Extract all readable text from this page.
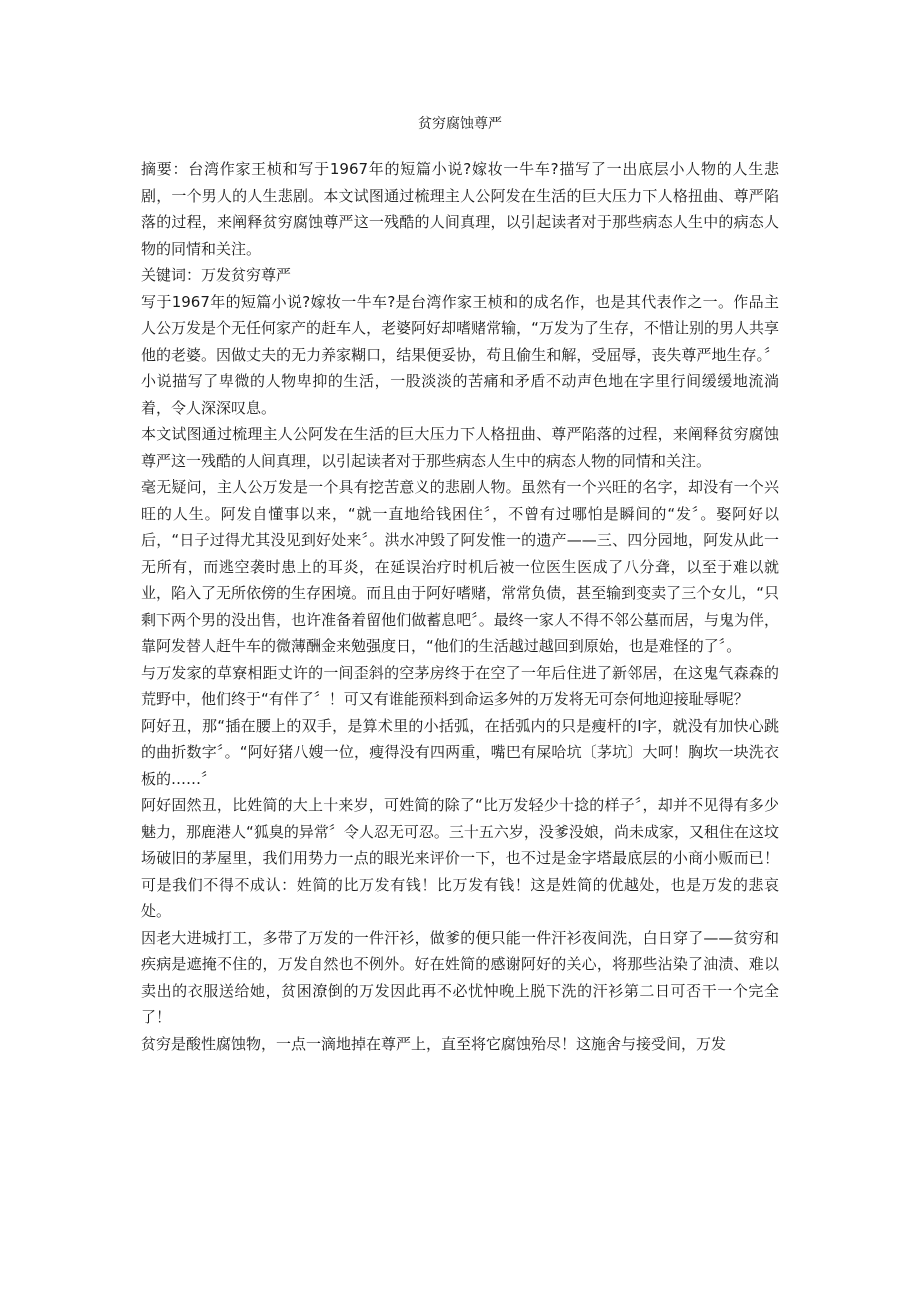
贫穷腐蚀尊严

摘要：台湾作家王桢和写于1967年的短篇小说?嫁妆一牛车?描写了一出底层小人物的人生悲剧，一个男人的人生悲剧。本文试图通过梳理主人公阿发在生活的巨大压力下人格扭曲、尊严陷落的过程，来阐释贫穷腐蚀尊严这一残酷的人间真理，以引起读者对于那些病态人生中的病态人物的同情和关注。

关键词：万发贫穷尊严

写于1967年的短篇小说?嫁妆一牛车?是台湾作家王桢和的成名作，也是其代表作之一。作品主人公万发是个无任何家产的赶车人，老婆阿好却嗜赌常输，“万发为了生存，不惜让别的男人共享他的老婆。因做丈夫的无力养家糊口，结果便妥协，苟且偷生和解，受屈辱，丧失尊严地生存。〞小说描写了卑微的人物卑抑的生活，一股淡淡的苦痛和矛盾不动声色地在字里行间缓缓地流淌着，令人深深叹息。

本文试图通过梳理主人公阿发在生活的巨大压力下人格扭曲、尊严陷落的过程，来阐释贫穷腐蚀尊严这一残酷的人间真理，以引起读者对于那些病态人生中的病态人物的同情和关注。

毫无疑问，主人公万发是一个具有挖苦意义的悲剧人物。虽然有一个兴旺的名字，却没有一个兴旺的人生。阿发自懂事以来，“就一直地给钱困住〞，不曾有过哪怕是瞬间的“发〞。娶阿好以后，“日子过得尤其没见到好处来〞。洪水冲毁了阿发惟一的遗产——三、四分园地，阿发从此一无所有，而逃空袭时患上的耳炎，在延误治疗时机后被一位医生医成了八分聋，以至于难以就业，陷入了无所依傍的生存困境。而且由于阿好嗜赌，常常负债，甚至输到变卖了三个女儿，“只剩下两个男的没出售，也许准备着留他们做蓄息吧〞。最终一家人不得不邻公墓而居，与鬼为伴，靠阿发替人赶牛车的微薄酬金来勉强度日，“他们的生活越过越回到原始，也是难怪的了〞。

与万发家的草寮相距丈许的一间歪斜的空茅房终于在空了一年后住进了新邻居，在这鬼气森森的荒野中，他们终于“有伴了〞！可又有谁能预料到命运多舛的万发将无可奈何地迎接耻辱呢？

阿好丑，那“插在腰上的双手，是算术里的小括弧，在括弧内的只是瘦杆的I字，就没有加快心跳的曲折数字〞。“阿好猪八嫂一位，瘦得没有四两重，嘴巴有屎哈坑〔茅坑〕大呵！胸坎一块洗衣板的……〞

阿好固然丑，比姓简的大上十来岁，可姓简的除了“比万发轻少十捻的样子〞，却并不见得有多少魅力，那鹿港人“狐臭的异常〞令人忍无可忍。三十五六岁，没爹没娘，尚未成家，又租住在这坟场破旧的茅屋里，我们用势力一点的眼光来评价一下，也不过是金字塔最底层的小商小贩而已！可是我们不得不成认：姓简的比万发有钱！比万发有钱！这是姓简的优越处，也是万发的悲哀处。

因老大进城打工，多带了万发的一件汗衫，做爹的便只能一件汗衫夜间洗，白日穿了——贫穷和疾病是遮掩不住的，万发自然也不例外。好在姓简的感谢阿好的关心，将那些沾染了油渍、难以卖出的衣服送给她，贫困潦倒的万发因此再不必忧忡晚上脱下洗的汗衫第二日可否干一个完全了！

贫穷是酸性腐蚀物，一点一滴地掉在尊严上，直至将它腐蚀殆尽！这施舍与接受间，万发
